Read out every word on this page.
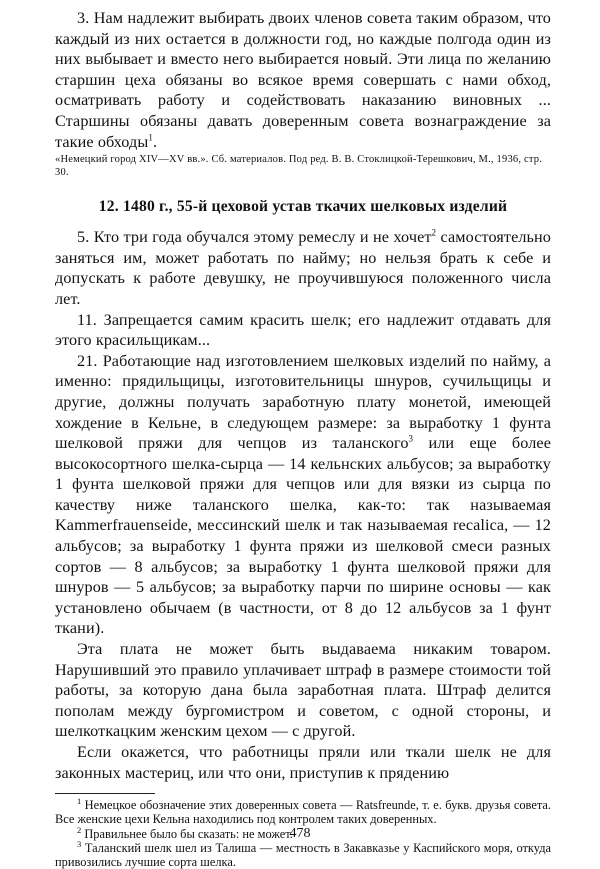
3. Нам надлежит выбирать двоих членов совета таким образом, что каждый из них остается в должности год, но каждые полгода один из них выбывает и вместо него выбирается новый. Эти лица по желанию старшин цеха обязаны во всякое время совершать с нами обход, осматривать работу и содействовать наказанию виновных ... Старшины обязаны давать доверенным совета вознаграждение за такие обходы$^1$.

«Немецкий город XIV—XV вв.». Сб. материалов. Под ред. В. В. Стоклицкой-Терешкович, М., 1936, стр. 30.

12. 1480 г., 55-й цеховой устав ткачих шелковых изделий

5. Кто три года обучался этому ремеслу и не хочет$^2$ самостоятельно заняться им, может работать по найму; но нельзя брать к себе и допускать к работе девушку, не проучившуюся положенного числа лет.

11. Запрещается самим красить шелк; его надлежит отдавать для этого красильщикам...

21. Работающие над изготовлением шелковых изделий по найму, а именно: прядильщицы, изготовительницы шнуров, сучильщицы и другие, должны получать заработную плату монетой, имеющей хождение в Кельне, в следующем размере: за выработку 1 фунта шелковой пряжи для чепцов из таланского$^3$ или еще более высокосортного шелка-сырца — 14 кельнских альбусов; за выработку 1 фунта шелковой пряжи для чепцов или для вязки из сырца по качеству ниже таланского шелка, как-то: так называемая Kammerfrauenseide, мессинский шелк и так называемая recalica, — 12 альбусов; за выработку 1 фунта пряжи из шелковой смеси разных сортов — 8 альбусов; за выработку 1 фунта шелковой пряжи для шнуров — 5 альбусов; за выработку парчи по ширине основы — как установлено обычаем (в частности, от 8 до 12 альбусов за 1 фунт ткани).

Эта плата не может быть выдаваема никаким товаром. Нарушивший это правило уплачивает штраф в размере стоимости той работы, за которую дана была заработная плата. Штраф делится пополам между бургомистром и советом, с одной стороны, и шелкоткацким женским цехом — с другой.

Если окажется, что работницы пряли или ткали шелк не для законных мастериц, или что они, приступив к прядению

$^1$ Немецкое обозначение этих доверенных совета — Ratsfreunde, т. е. букв. друзья совета. Все женские цехи Кельна находились под контролем таких доверенных.

$^2$ Правильнее было бы сказать: не может.

$^3$ Таланский шелк шел из Талиша — местность в Закавказье у Каспийского моря, откуда привозились лучшие сорта шелка.

478
